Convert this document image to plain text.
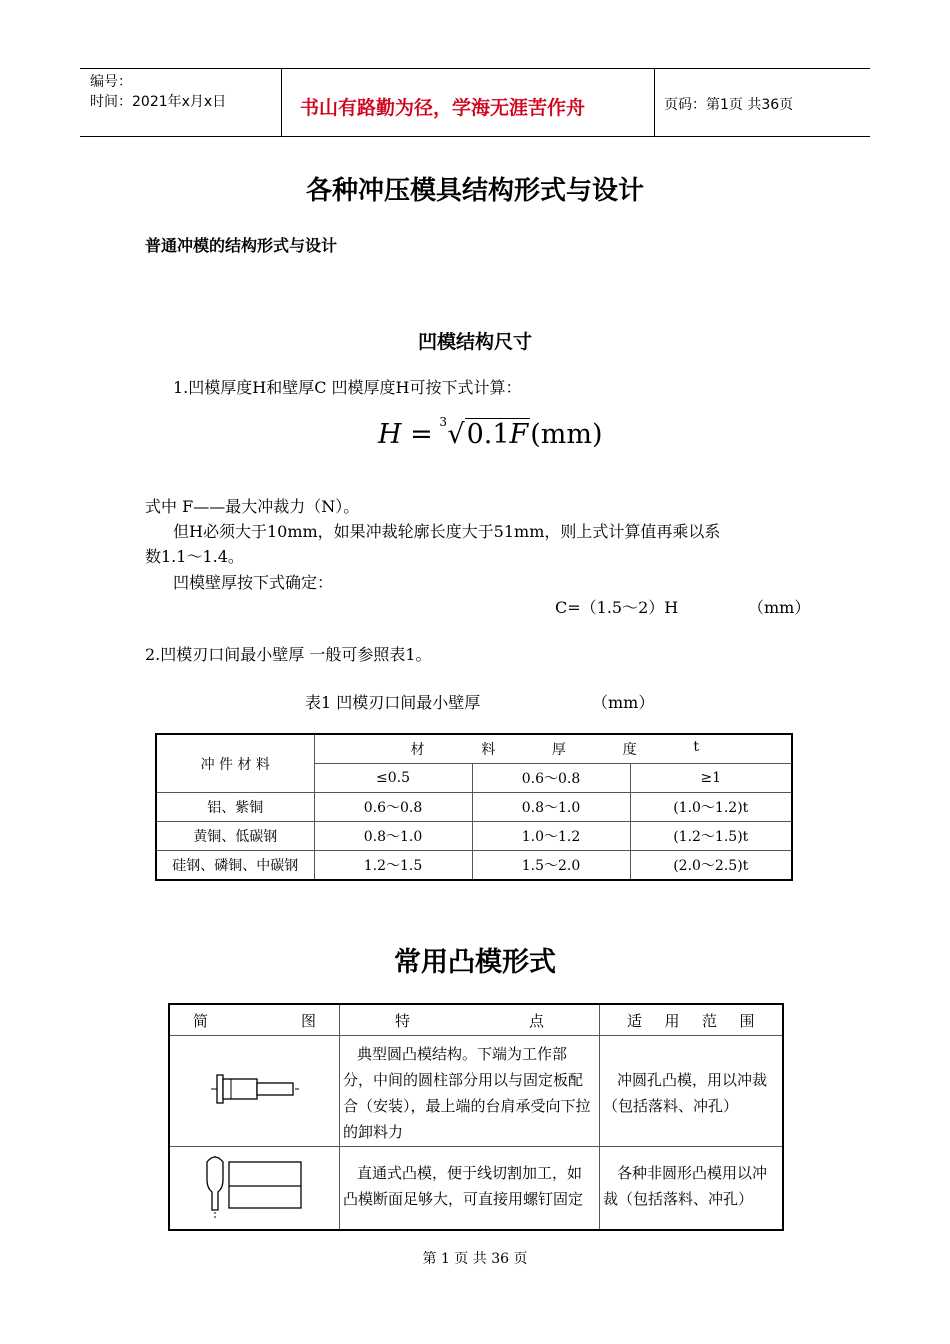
编号：
时间：2021年x月x日	书山有路勤为径，学海无涯苦作舟	页码：第1页 共36页
各种冲压模具结构形式与设计
普通冲模的结构形式与设计
凹模结构尺寸
1.凹模厚度H和壁厚C 凹模厚度H可按下式计算：
H = 3 √0.1F(mm)
式中 F——最大冲裁力（N）。
但H必须大于10mm，如果冲裁轮廓长度大于51mm，则上式计算值再乘以系
数1.1～1.4。
凹模壁厚按下式确定：
C=（1.5～2）H	（mm）
2.凹模刃口间最小壁厚 一般可参照表1。
表1 凹模刃口间最小壁厚	（mm）
冲 件 材 料	材 料 厚 度 t		

	≤0.5	0.6～0.8	≥1
铝、紫铜	0.6～0.8	0.8～1.0	(1.0～1.2)t
黄铜、低碳钢	0.8～1.0	1.0～1.2	(1.2～1.5)t
硅钢、磷铜、中碳钢	1.2～1.5	1.5～2.0	(2.0～2.5)t
常用凸模形式
简 图	特 点	适 用 范 围

典型圆凸模结构。下端为工作部分，中间的圆柱部分用以与固定板配合（安装），最上端的台肩承受向下拉的卸料力	冲圆孔凸模，用以冲裁（包括落料、冲孔）

直通式凸模，便于线切割加工，如凸模断面足够大，可直接用螺钉固定	各种非圆形凸模用以冲裁（包括落料、冲孔）
第 1 页 共 36 页
